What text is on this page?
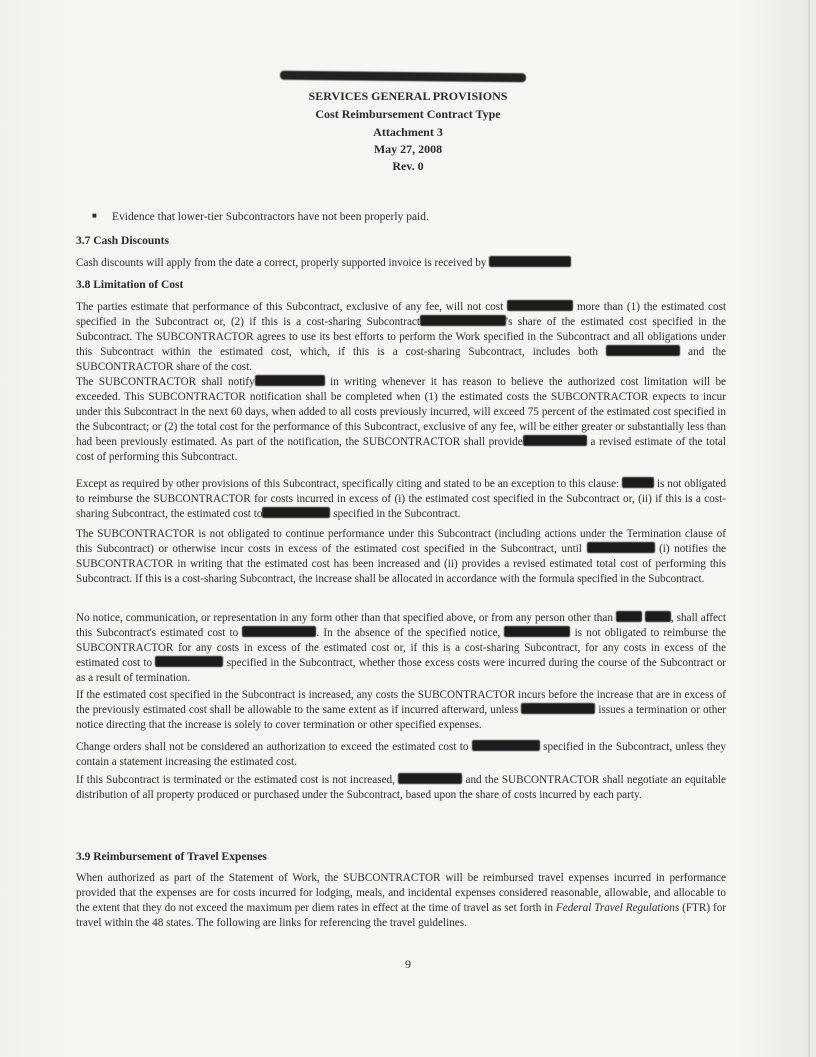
SERVICES GENERAL PROVISIONS
Cost Reimbursement Contract Type
Attachment 3
May 27, 2008
Rev. 0
■ Evidence that lower-tier Subcontractors have not been properly paid.
3.7 Cash Discounts

Cash discounts will apply from the date a correct, properly supported invoice is received by

3.8 Limitation of Cost

The parties estimate that performance of this Subcontract, exclusive of any fee, will not cost	more than (1) the estimated cost specified in the Subcontract or, (2) if this is a cost-sharing Subcontract	's share of the estimated cost specified in the Subcontract. The SUBCONTRACTOR agrees to use its best efforts to perform the Work specified in the Subcontract and all obligations under this Subcontract within the estimated cost, which, if this is a cost-sharing Subcontract, includes both	and the SUBCONTRACTOR share of the cost.

The SUBCONTRACTOR shall notify	in writing whenever it has reason to believe the authorized cost limitation will be exceeded. This SUBCONTRACTOR notification shall be completed when (1) the estimated costs the SUBCONTRACTOR expects to incur under this Subcontract in the next 60 days, when added to all costs previously incurred, will exceed 75 percent of the estimated cost specified in the Subcontract; or (2) the total cost for the performance of this Subcontract, exclusive of any fee, will be either greater or substantially less than had been previously estimated. As part of the notification, the SUBCONTRACTOR shall provide	a revised estimate of the total cost of performing this Subcontract.

Except as required by other provisions of this Subcontract, specifically citing and stated to be an exception to this clause:	is not obligated to reimburse the SUBCONTRACTOR for costs incurred in excess of (i) the estimated cost specified in the Subcontract or, (ii) if this is a cost-sharing Subcontract, the estimated cost to	specified in the Subcontract.

The SUBCONTRACTOR is not obligated to continue performance under this Subcontract (including actions under the Termination clause of this Subcontract) or otherwise incur costs in excess of the estimated cost specified in the Subcontract, until	(i) notifies the SUBCONTRACTOR in writing that the estimated cost has been increased and (ii) provides a revised estimated total cost of performing this Subcontract. If this is a cost-sharing Subcontract, the increase shall be allocated in accordance with the formula specified in the Subcontract.

No notice, communication, or representation in any form other than that specified above, or from any person other than	, shall affect this Subcontract's estimated cost to	. In the absence of the specified notice,	is not obligated to reimburse the SUBCONTRACTOR for any costs in excess of the estimated cost or, if this is a cost-sharing Subcontract, for any costs in excess of the estimated cost to	specified in the Subcontract, whether those excess costs were incurred during the course of the Subcontract or as a result of termination.

If the estimated cost specified in the Subcontract is increased, any costs the SUBCONTRACTOR incurs before the increase that are in excess of the previously estimated cost shall be allowable to the same extent as if incurred afterward, unless	issues a termination or other notice directing that the increase is solely to cover termination or other specified expenses.

Change orders shall not be considered an authorization to exceed the estimated cost to	specified in the Subcontract, unless they contain a statement increasing the estimated cost.

If this Subcontract is terminated or the estimated cost is not increased,	and the SUBCONTRACTOR shall negotiate an equitable distribution of all property produced or purchased under the Subcontract, based upon the share of costs incurred by each party.

3.9 Reimbursement of Travel Expenses

When authorized as part of the Statement of Work, the SUBCONTRACTOR will be reimbursed travel expenses incurred in performance provided that the expenses are for costs incurred for lodging, meals, and incidental expenses considered reasonable, allowable, and allocable to the extent that they do not exceed the maximum per diem rates in effect at the time of travel as set forth in Federal Travel Regulations (FTR) for travel within the 48 states. The following are links for referencing the travel guidelines.

9
